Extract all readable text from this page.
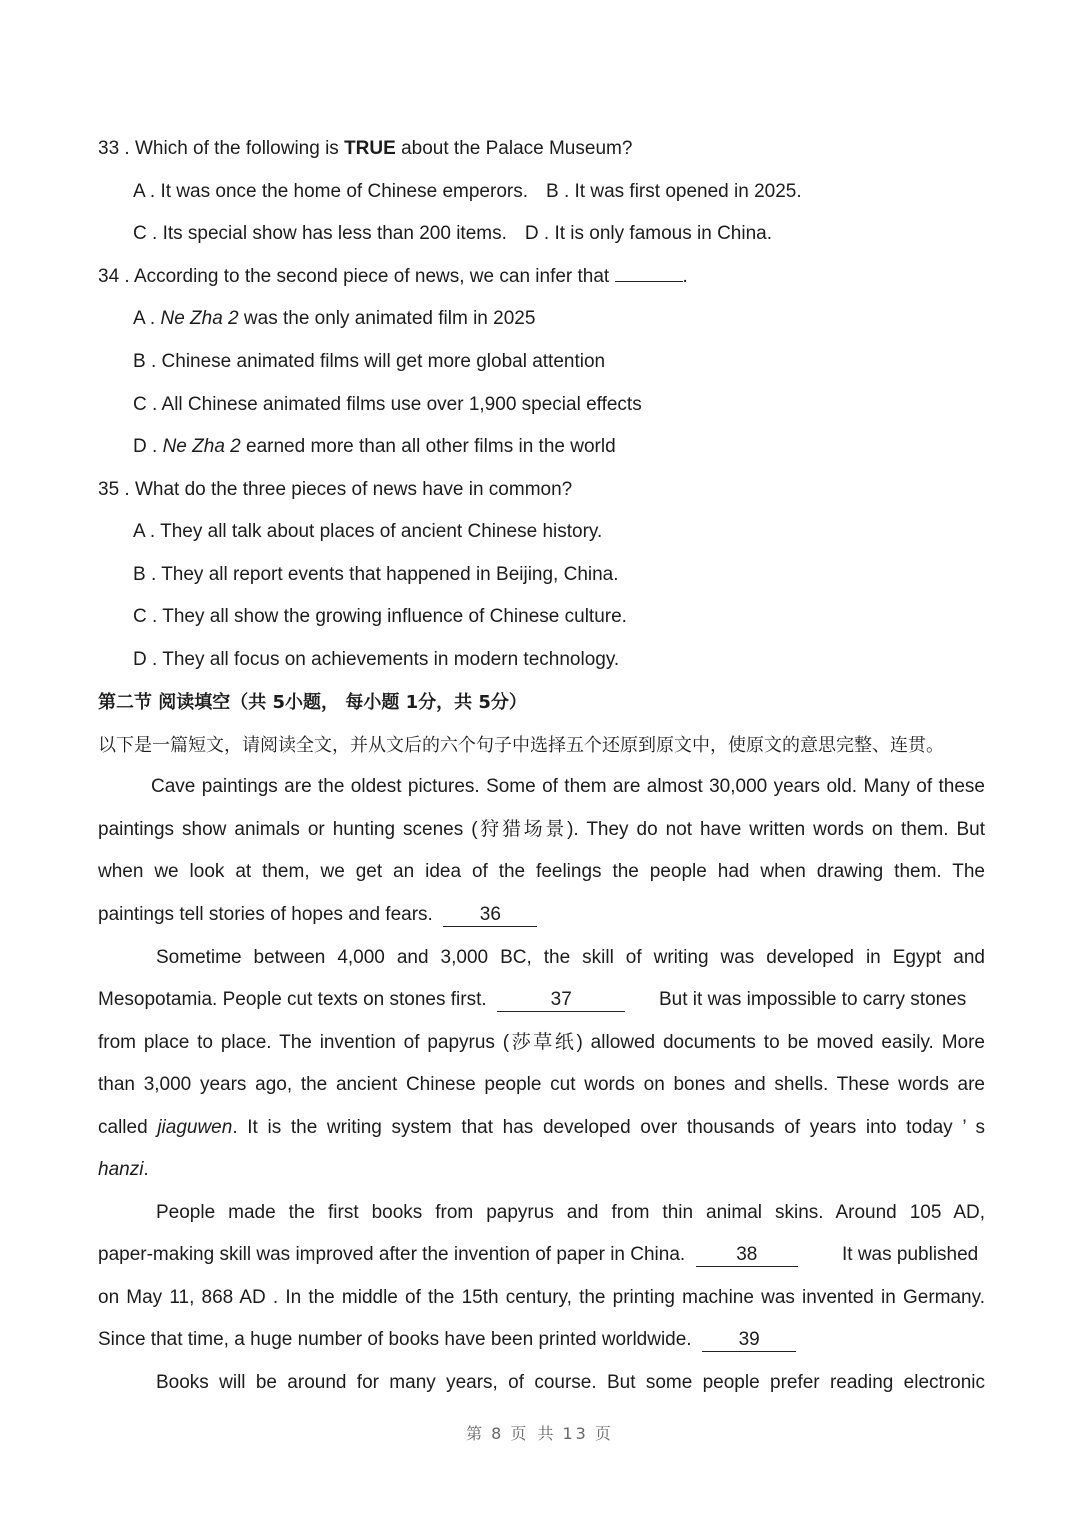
33 . Which of the following is TRUE about the Palace Museum?
A . It was once the home of Chinese emperors. B . It was first opened in 2025.
C . Its special show has less than 200 items. D . It is only famous in China.
34 . According to the second piece of news, we can infer that	.
A . Ne Zha 2 was the only animated film in 2025
B . Chinese animated films will get more global attention
C . All Chinese animated films use over 1,900 special effects
D . Ne Zha 2 earned more than all other films in the world
35 . What do the three pieces of news have in common?
A . They all talk about places of ancient Chinese history.
B . They all report events that happened in Beijing, China.
C . They all show the growing influence of Chinese culture.
D . They all focus on achievements in modern technology.
第二节 阅读填空（共 5小题， 每小题 1分，共 5分）
以下是一篇短文，请阅读全文，并从文后的六个句子中选择五个还原到原文中，使原文的意思完整、连贯。
Cave paintings are the oldest pictures. Some of them are almost 30,000 years old. Many of these
paintings show animals or hunting scenes (狩猎场景). They do not have written words on them. But
when we look at them, we get an idea of the feelings the people had when drawing them. The
paintings tell stories of hopes and fears. 36
Sometime between 4,000 and 3,000 BC, the skill of writing was developed in Egypt and
Mesopotamia. People cut texts on stones first.	37	But it was impossible to carry stones
from place to place. The invention of papyrus (莎草纸) allowed documents to be moved easily. More
than 3,000 years ago, the ancient Chinese people cut words on bones and shells. These words are
called jiaguwen. It is the writing system that has developed over thousands of years into today ’ s
hanzi.
People made the first books from papyrus and from thin animal skins. Around 105 AD,
paper-making skill was improved after the invention of paper in China.	38	It was published
on May 11, 868 AD . In the middle of the 15th century, the printing machine was invented in Germany.
Since that time, a huge number of books have been printed worldwide. 39
Books will be around for many years, of course. But some people prefer reading electronic
第 8 页 共 13 页
